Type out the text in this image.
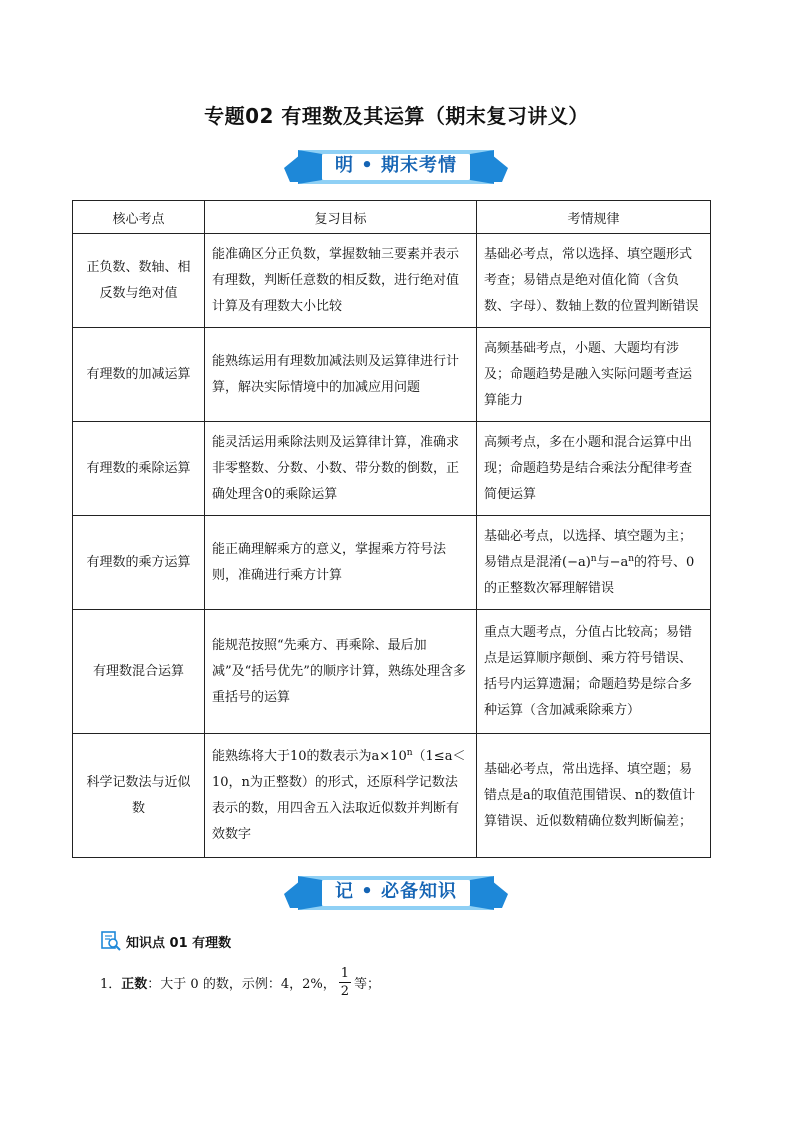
专题02 有理数及其运算（期末复习讲义）
明 • 期末考情
核心考点	复习目标	考情规律
正负数、数轴、相反数与绝对值	能准确区分正负数，掌握数轴三要素并表示有理数，判断任意数的相反数，进行绝对值计算及有理数大小比较	基础必考点，常以选择、填空题形式考查；易错点是绝对值化简（含负数、字母）、数轴上数的位置判断错误
有理数的加减运算	能熟练运用有理数加减法则及运算律进行计算，解决实际情境中的加减应用问题	高频基础考点，小题、大题均有涉及；命题趋势是融入实际问题考查运算能力
有理数的乘除运算	能灵活运用乘除法则及运算律计算，准确求非零整数、分数、小数、带分数的倒数，正确处理含0的乘除运算	高频考点，多在小题和混合运算中出现；命题趋势是结合乘法分配律考查简便运算
有理数的乘方运算	能正确理解乘方的意义，掌握乘方符号法则，准确进行乘方计算	基础必考点，以选择、填空题为主；易错点是混淆$(-a)^n$与$-a^n$的符号、0的正整数次幂理解错误
有理数混合运算	能规范按照“先乘方、再乘除、最后加减”及“括号优先”的顺序计算，熟练处理含多重括号的运算	重点大题考点，分值占比较高；易错点是运算顺序颠倒、乘方符号错误、括号内运算遗漏；命题趋势是综合多种运算（含加减乘除乘方）
科学记数法与近似数	能熟练将大于10的数表示为$a\times 10^n(1\le a<10$，n为正整数）的形式，还原科学记数法表示的数，用四舍五入法取近似数并判断有效数字	基础必考点，常出选择、填空题；易错点是a的取值范围错误、n的数值计算错误、近似数精确位数判断偏差；
记 • 必备知识
知识点 01 有理数
1． 正数 ：大于 0 的数，示例：4，2%， $\frac{1}{2}$ 等；
